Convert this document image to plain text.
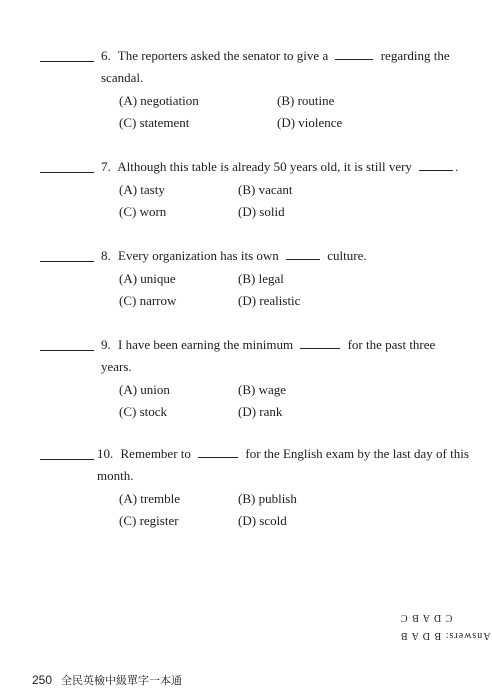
6. The reporters asked the senator to give a	regarding the scandal.
(A) negotiation	(B) routine
(C) statement	(D) violence
7. Although this table is already 50 years old, it is still very	.
(A) tasty	(B) vacant
(C) worn	(D) solid
8. Every organization has its own	culture.
(A) unique	(B) legal
(C) narrow	(D) realistic
9. I have been earning the minimum	for the past three years.
(A) union	(B) wage
(C) stock	(D) rank
10. Remember to	for the English exam by the last day of this month.
(A) tremble	(B) publish
(C) register	(D) scold
Answers: B D A B
C D A B C
250 全民英檢中級單字一本通
